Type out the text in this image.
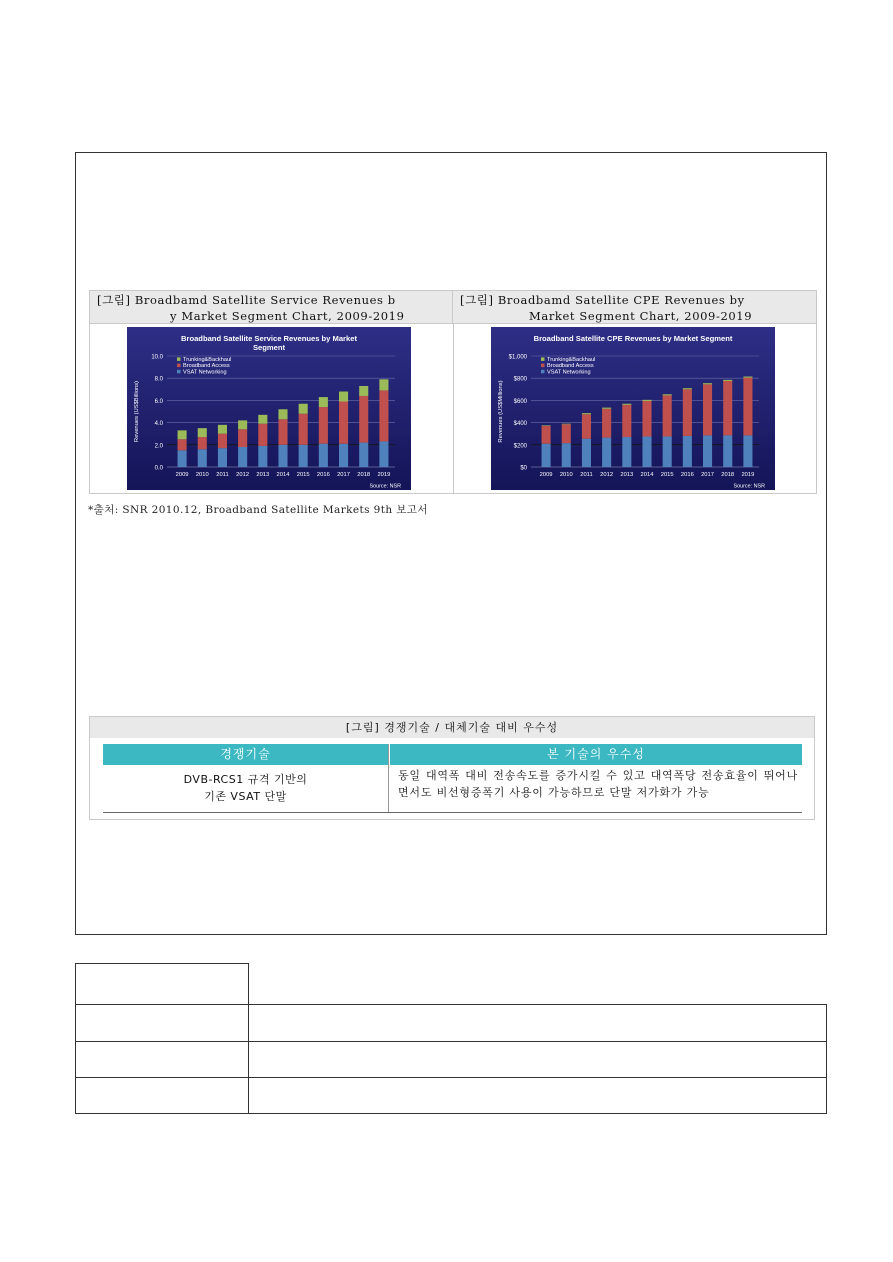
[그림] Broadbamd Satellite Service Revenues b
y Market Segment Chart, 2009-2019
[그림] Broadbamd Satellite CPE Revenues by
Market Segment Chart, 2009-2019
Broadband Satellite Service Revenues by Market
Segment
0.0
2.0
4.0
6.0
8.0
10.0
Revenues (US$Billions)
2009 2010 2011 2012 2013 2014 2015 2016 2017 2018 2019
Trunking&Backhaul
Broadband Access
VSAT Networking
Source: NSR
Broadband Satellite CPE Revenues by Market Segment
$0
$200
$400
$600
$800
$1,000
Revenues (US$Millions)
2009 2010 2011 2012 2013 2014 2015 2016 2017 2018 2019
Trunking&Backhaul
Broadband Access
VSAT Networking
Source: NSR
*출처: SNR 2010.12, Broadband Satellite Markets 9th 보고서
[그림] 경쟁기술 / 대체기술 대비 우수성
경쟁기술	본 기술의 우수성
DVB-RCS1 규격 기반의
기존 VSAT 단말
동일 대역폭 대비 전송속도를 증가시킬 수 있고 대역폭당 전송효율이 뛰어나면서도 비선형증폭기 사용이 가능하므로 단말 저가화가 가능
